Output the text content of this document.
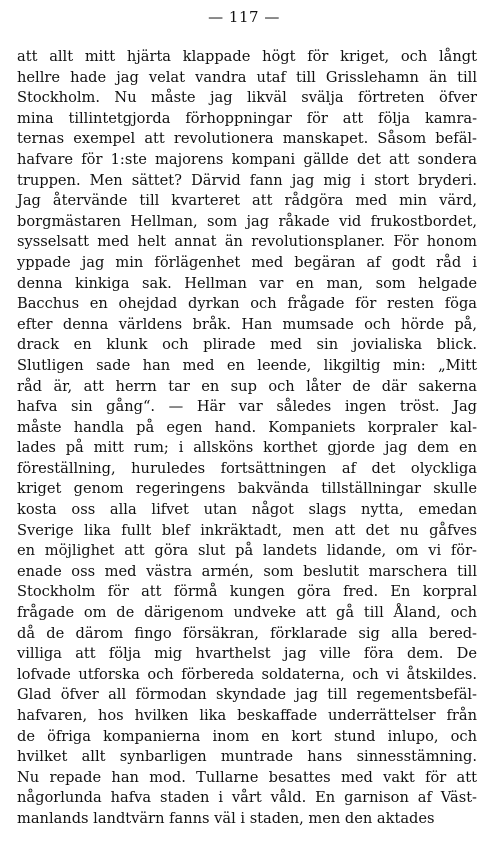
— 117 —
att allt mitt hjärta klappade högt för kriget, och långt
hellre hade jag velat vandra utaf till Grisslehamn än till
Stockholm. Nu måste jag likväl svälja förtreten öfver
mina tillintetgjorda förhoppningar för att följa kamra-
ternas exempel att revolutionera manskapet. Såsom befäl-
hafvare för 1:ste majorens kompani gällde det att sondera
truppen. Men sättet? Därvid fann jag mig i stort bryderi.
Jag återvände till kvarteret att rådgöra med min värd,
borgmästaren Hellman, som jag råkade vid frukostbordet,
sysselsatt med helt annat än revolutionsplaner. För honom
yppade jag min förlägenhet med begäran af godt råd i
denna kinkiga sak. Hellman var en man, som helgade
Bacchus en ohejdad dyrkan och frågade för resten föga
efter denna världens bråk. Han mumsade och hörde på,
drack en klunk och plirade med sin jovialiska blick.
Slutligen sade han med en leende, likgiltig min: „Mitt
råd är, att herrn tar en sup och låter de där sakerna
hafva sin gång“. — Här var således ingen tröst. Jag
måste handla på egen hand. Kompaniets korpraler kal-
lades på mitt rum; i allsköns korthet gjorde jag dem en
föreställning, huruledes fortsättningen af det olyckliga
kriget genom regeringens bakvända tillställningar skulle
kosta oss alla lifvet utan något slags nytta, emedan
Sverige lika fullt blef inkräktadt, men att det nu gåfves
en möjlighet att göra slut på landets lidande, om vi för-
enade oss med västra armén, som beslutit marschera till
Stockholm för att förmå kungen göra fred. En korpral
frågade om de därigenom undveke att gå till Åland, och
då de därom fingo försäkran, förklarade sig alla bered-
villiga att följa mig hvarthelst jag ville föra dem. De
lofvade utforska och förbereda soldaterna, och vi åtskildes.
Glad öfver all förmodan skyndade jag till regementsbefäl-
hafvaren, hos hvilken lika beskaffade underrättelser från
de öfriga kompanierna inom en kort stund inlupo, och
hvilket allt synbarligen muntrade hans sinnesstämning.
Nu repade han mod. Tullarne besattes med vakt för att
någorlunda hafva staden i vårt våld. En garnison af Väst-
manlands landtvärn fanns väl i staden, men den aktades
